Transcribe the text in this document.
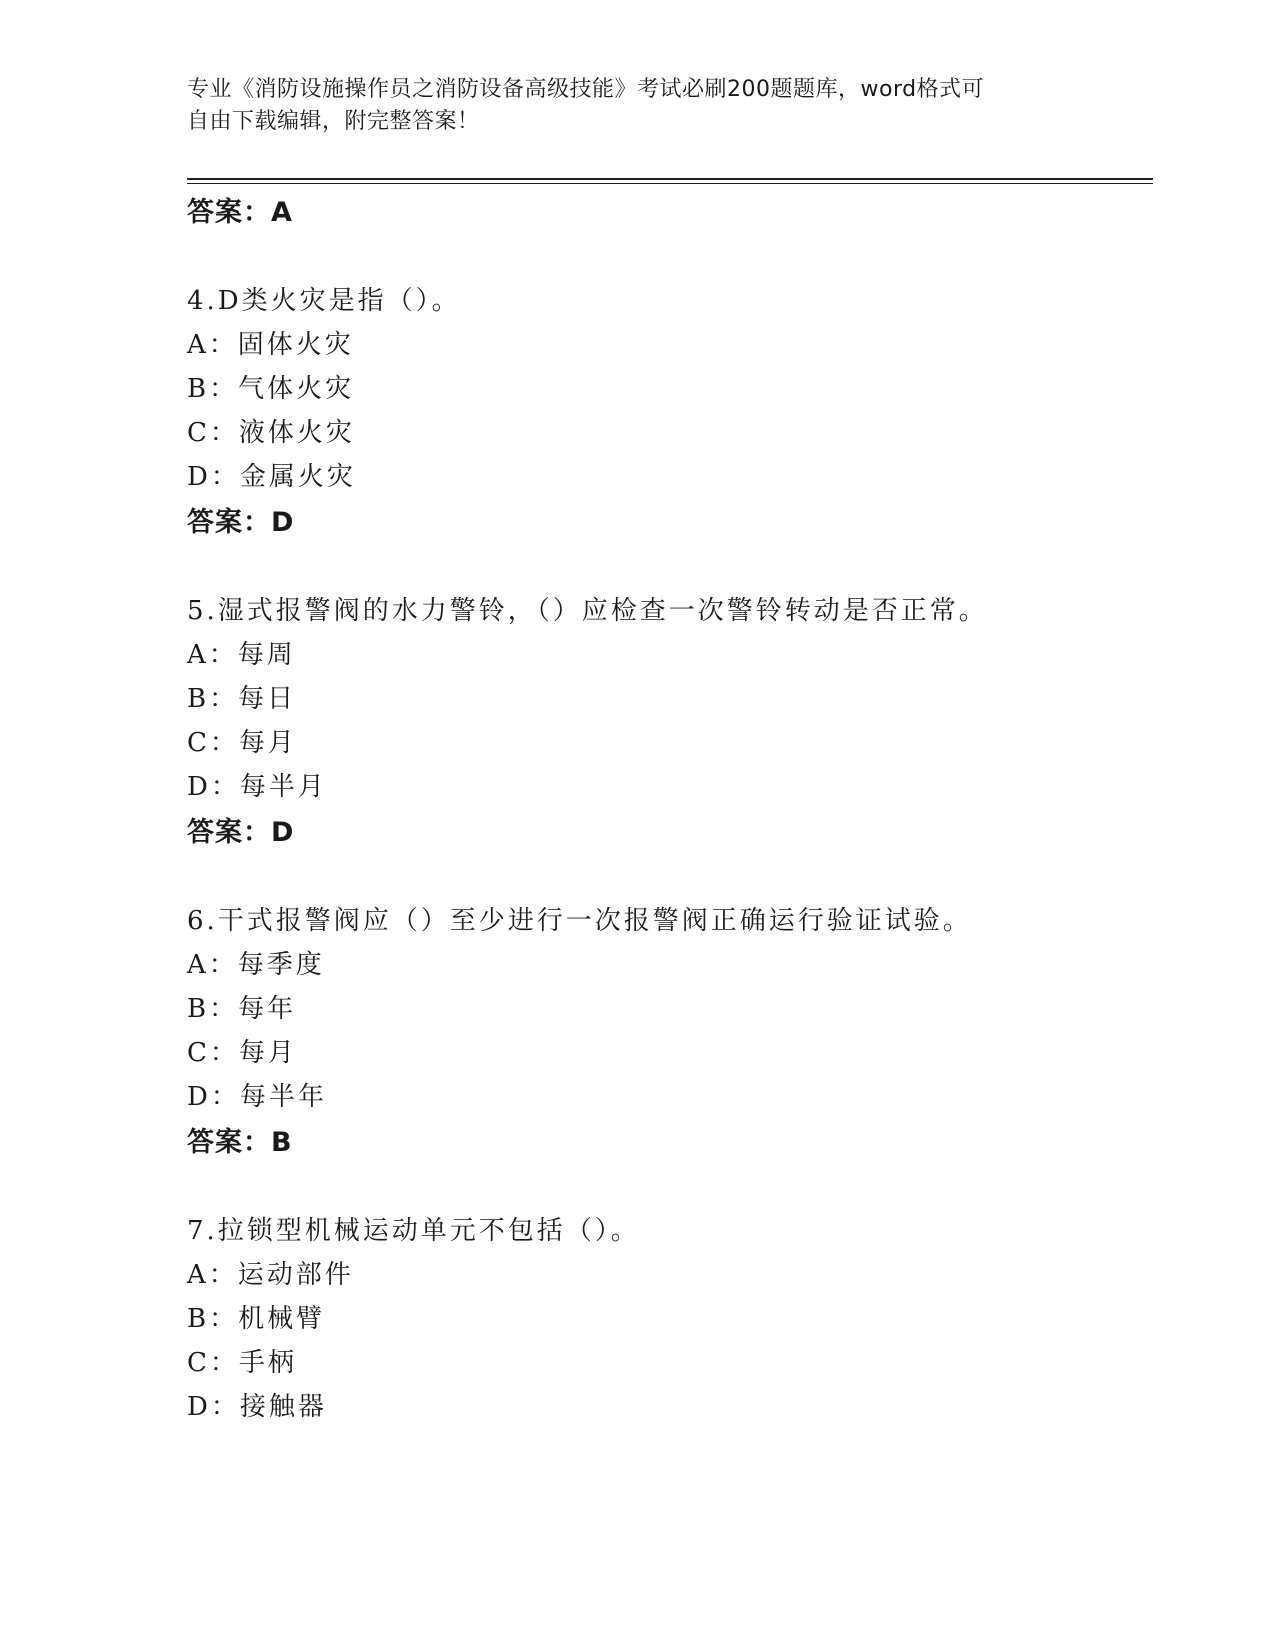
专业《消防设施操作员之消防设备高级技能》考试必刷200题题库，word格式可
自由下载编辑，附完整答案！
答案：A
4.D类火灾是指（）。
A：固体火灾
B：气体火灾
C：液体火灾
D：金属火灾
答案：D
5.湿式报警阀的水力警铃，（）应检查一次警铃转动是否正常。
A：每周
B：每日
C：每月
D：每半月
答案：D
6.干式报警阀应（）至少进行一次报警阀正确运行验证试验。
A：每季度
B：每年
C：每月
D：每半年
答案：B
7.拉锁型机械运动单元不包括（）。
A：运动部件
B：机械臂
C：手柄
D：接触器
